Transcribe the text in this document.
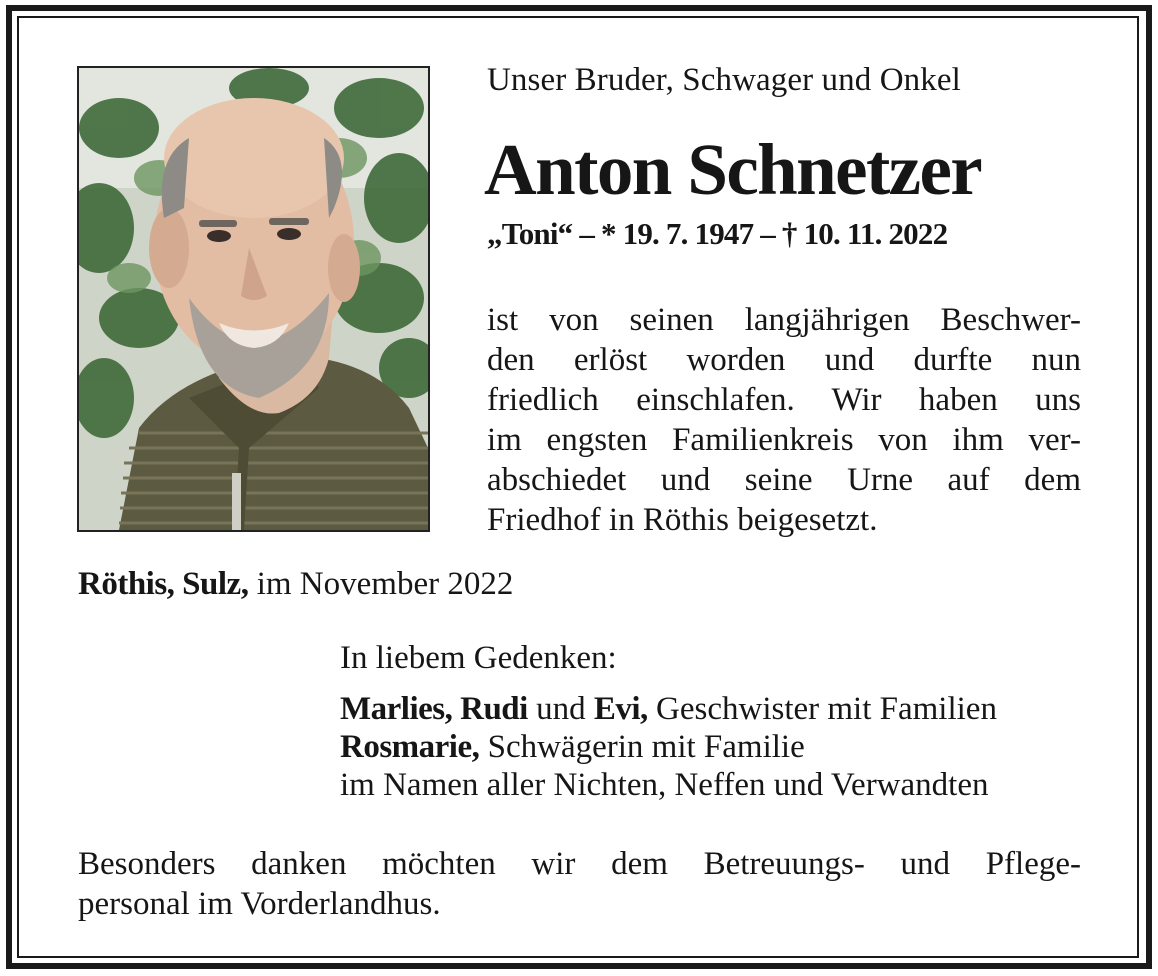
Unser Bruder, Schwager und Onkel
Anton Schnetzer
„Toni“ – * 19. 7. 1947 – † 10. 11. 2022
ist von seinen langjährigen Beschwer-
den erlöst worden und durfte nun
friedlich einschlafen. Wir haben uns
im engsten Familienkreis von ihm ver-
abschiedet und seine Urne auf dem
Friedhof in Röthis beigesetzt.
Röthis, Sulz, im November 2022
In liebem Gedenken:
Marlies, Rudi und Evi, Geschwister mit Familien
Rosmarie, Schwägerin mit Familie
im Namen aller Nichten, Neffen und Verwandten
Besonders danken möchten wir dem Betreuungs- und Pflege-
personal im Vorderlandhus.
